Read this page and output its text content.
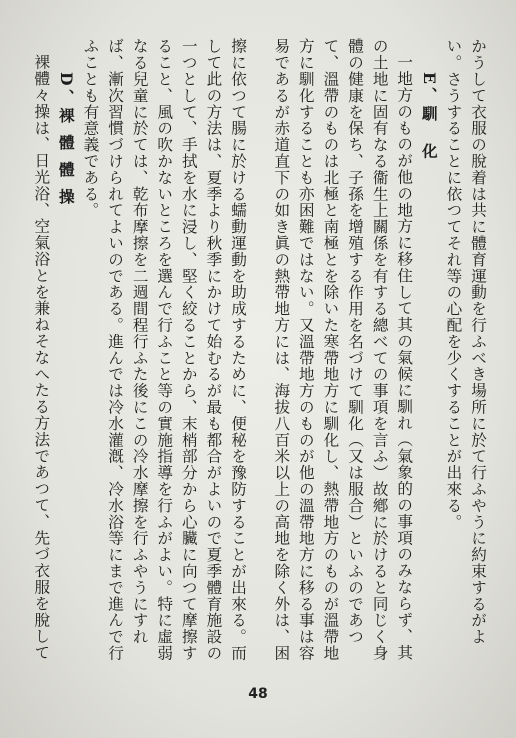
かうして衣服の脫着は共に體育運動を行ふべき場所に於て行ふやうに約束するがよい。さうすることに依つてそれ等の心配を少くすることが出來る。

E、馴　化

一地方のものが他の地方に移住して其の氣候に馴れ（氣象的の事項のみならず、其の土地に固有なる衞生上關係を有する總べての事項を言ふ）故鄕に於けると同じく身體の健康を保ち、子孫を增殖する作用を名づけて馴化（又は服合）といふのであつて、溫帶のものは北極と南極とを除いた寒帶地方に馴化し、熱帶地方のものが溫帶地方に馴化することも亦困難ではない。又溫帶地方のものが他の溫帶地方に移る事は容易であるが赤道直下の如き眞の熱帶地方には、海拔八百米以上の高地を除く外は、困

擦に依つて腸に於ける蠕動運動を助成するために、便秘を豫防することが出來る。而して此の方法は、夏季より秋季にかけて始むるが最も都合がよいので夏季體育施設の一つとして、手拭を水に浸し、堅く絞ることから、末梢部分から心臟に向つて摩擦すること、風の吹かないところを選んで行ふこと等の實施指導を行ふがよい。特に虛弱なる兒童に於ては、乾布摩擦を二週間程行ふた後にこの冷水摩擦を行ふやうにすれば、漸次習慣づけられてよいのである。進んでは冷水灌漑、冷水浴等にまで進んで行ふことも有意義である。

D、裸 體 體 操

裸體々操は、日光浴、空氣浴とを兼ねそなへたる方法であつて、先づ衣服を脫して

48
